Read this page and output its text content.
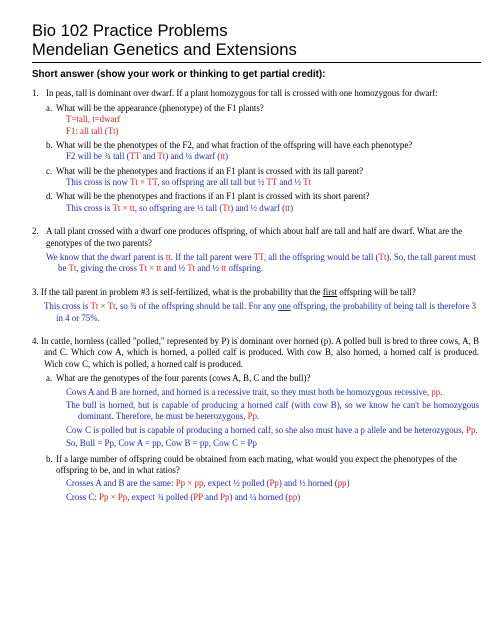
Bio 102 Practice Problems
Mendelian Genetics and Extensions
Short answer (show your work or thinking to get partial credit):
1. In peas, tall is dominant over dwarf. If a plant homozygous for tall is crossed with one homozygous for dwarf:
a. What will be the appearance (phenotype) of the F1 plants?
T=tall, t=dwarf
F1: all tall (Tt)
b. What will be the phenotypes of the F2, and what fraction of the offspring will have each phenotype?
F2 will be ¾ tall (TT and Tt) and ¼ dwarf (tt)
c. What will be the phenotypes and fractions if an F1 plant is crossed with its tall parent?
This cross is now Tt × TT, so offspring are all tall but ½ TT and ½ Tt
d. What will be the phenotypes and fractions if an F1 plant is crossed with its short parent?
This cross is Tt × tt, so offspring are ½ tall (Tt) and ½ dwarf (tt)
2. A tall plant crossed with a dwarf one produces offspring, of which about half are tall and half are dwarf. What are the genotypes of the two parents?
We know that the dwarf parent is tt. If the tall parent were TT, all the offspring would be tall (Tt). So, the tall parent must be Tt, giving the cross Tt × tt and ½ Tt and ½ tt offspring.
3. If the tall parent in problem #3 is self-fertilized, what is the probability that the first offspring will be tall?
This cross is Tt × Tt, so ¾ of the offspring should be tall. For any one offspring, the probability of being tall is therefore 3 in 4 or 75%.
4. In cattle, hornless (called "polled," represented by P) is dominant over horned (p). A polled bull is bred to three cows, A, B and C. Which cow A, which is horned, a polled calf is produced. With cow B, also horned, a horned calf is produced. Wich cow C, which is polled, a horned calf is produced.
a. What are the genotypes of the four parents (cows A, B, C and the bull)?
Cows A and B are horned, and horned is a recessive trait, so they must both be homozygous recessive, pp.
The bull is horned, but is capable of producing a horned calf (with cow B), so we know he can't be homozygous dominant. Therefore, he must be heterozygous, Pp.
Cow C is polled but is capable of producing a horned calf, so she also must have a p allele and be heterozygous, Pp.
So, Bull = Pp, Cow A = pp, Cow B = pp, Cow C = Pp
b. If a large number of offspring could be obtained from each mating, what would you expect the phenotypes of the offspring to be, and in what ratios?
Crosses A and B are the same: Pp × pp, expect ½ polled (Pp) and ½ horned (pp)
Cross C: Pp × Pp, expect ¾ polled (PP and Pp) and ¼ horned (pp)
